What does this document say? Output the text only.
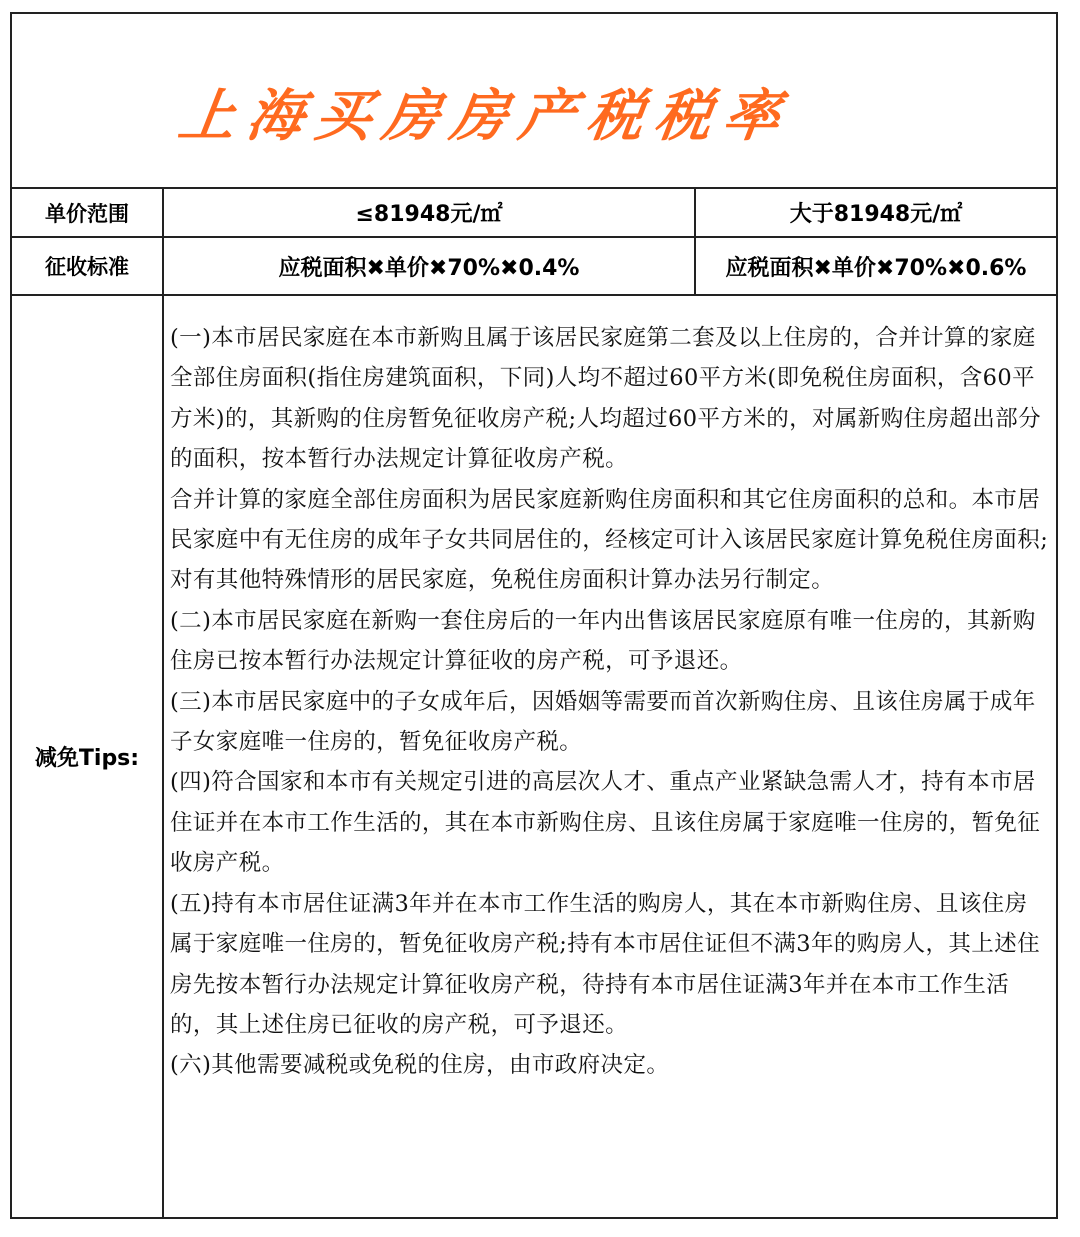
上海买房房产税税率
单价范围	≤81948元/㎡	大于81948元/㎡
征收标准	应税面积✖单价✖70%✖0.4%	应税面积✖单价✖70%✖0.6%
减免Tips:

(一)本市居民家庭在本市新购且属于该居民家庭第二套及以上住房的，合并计算的家庭全部住房面积(指住房建筑面积，下同)人均不超过60平方米(即免税住房面积，含60平方米)的，其新购的住房暂免征收房产税;人均超过60平方米的，对属新购住房超出部分的面积，按本暂行办法规定计算征收房产税。

合并计算的家庭全部住房面积为居民家庭新购住房面积和其它住房面积的总和。本市居民家庭中有无住房的成年子女共同居住的，经核定可计入该居民家庭计算免税住房面积;对有其他特殊情形的居民家庭，免税住房面积计算办法另行制定。

(二)本市居民家庭在新购一套住房后的一年内出售该居民家庭原有唯一住房的，其新购住房已按本暂行办法规定计算征收的房产税，可予退还。

(三)本市居民家庭中的子女成年后，因婚姻等需要而首次新购住房、且该住房属于成年子女家庭唯一住房的，暂免征收房产税。

(四)符合国家和本市有关规定引进的高层次人才、重点产业紧缺急需人才，持有本市居住证并在本市工作生活的，其在本市新购住房、且该住房属于家庭唯一住房的，暂免征收房产税。

(五)持有本市居住证满3年并在本市工作生活的购房人，其在本市新购住房、且该住房属于家庭唯一住房的，暂免征收房产税;持有本市居住证但不满3年的购房人，其上述住房先按本暂行办法规定计算征收房产税，待持有本市居住证满3年并在本市工作生活的，其上述住房已征收的房产税，可予退还。

(六)其他需要减税或免税的住房，由市政府决定。
